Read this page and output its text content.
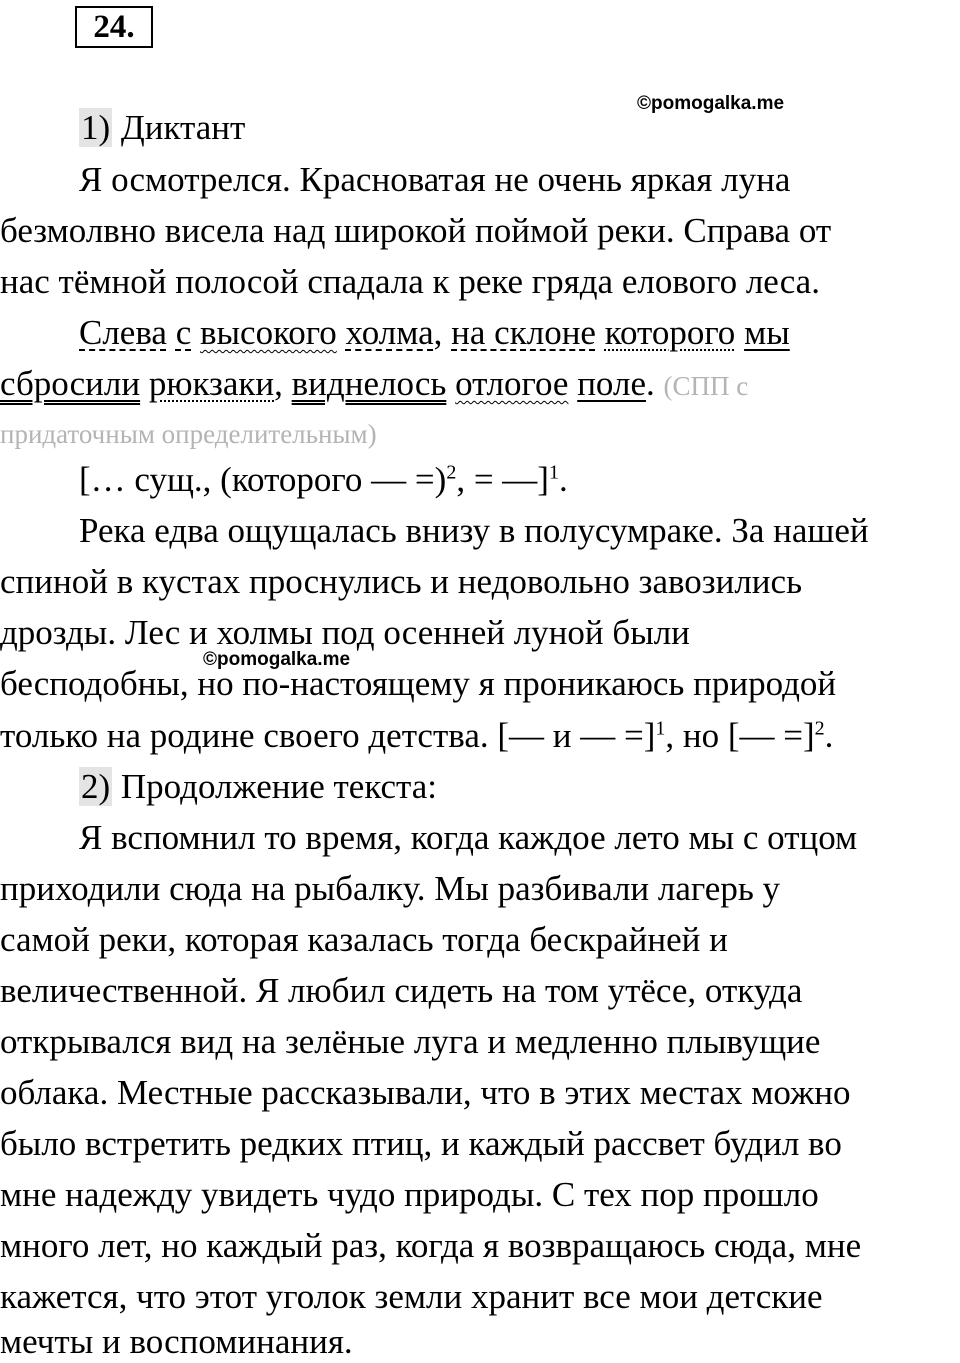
24.
©pomogalka.me
©pomogalka.me
1) Диктант
Я осмотрелся. Красноватая не очень яркая луна
безмолвно висела над широкой поймой реки. Справа от
нас тёмной полосой спадала к реке гряда елового леса.
Слева с высокого холма, на склоне которого мы
сбросили рюкзаки, виднелось отлогое поле. (СПП с
придаточным определительным)
[… сущ., (которого — =)$^2$, = —]$^1$.
Река едва ощущалась внизу в полусумраке. За нашей
спиной в кустах проснулись и недовольно завозились
дрозды. Лес и холмы под осенней луной были
бесподобны, но по-настоящему я проникаюсь природой
только на родине своего детства. [— и — =]$^1$, но [— =]$^2$.
2) Продолжение текста:
Я вспомнил то время, когда каждое лето мы с отцом
приходили сюда на рыбалку. Мы разбивали лагерь у
самой реки, которая казалась тогда бескрайней и
величественной. Я любил сидеть на том утёсе, откуда
открывался вид на зелёные луга и медленно плывущие
облака. Местные рассказывали, что в этих местах можно
было встретить редких птиц, и каждый рассвет будил во
мне надежду увидеть чудо природы. С тех пор прошло
много лет, но каждый раз, когда я возвращаюсь сюда, мне
кажется, что этот уголок земли хранит все мои детские
мечты и воспоминания.
